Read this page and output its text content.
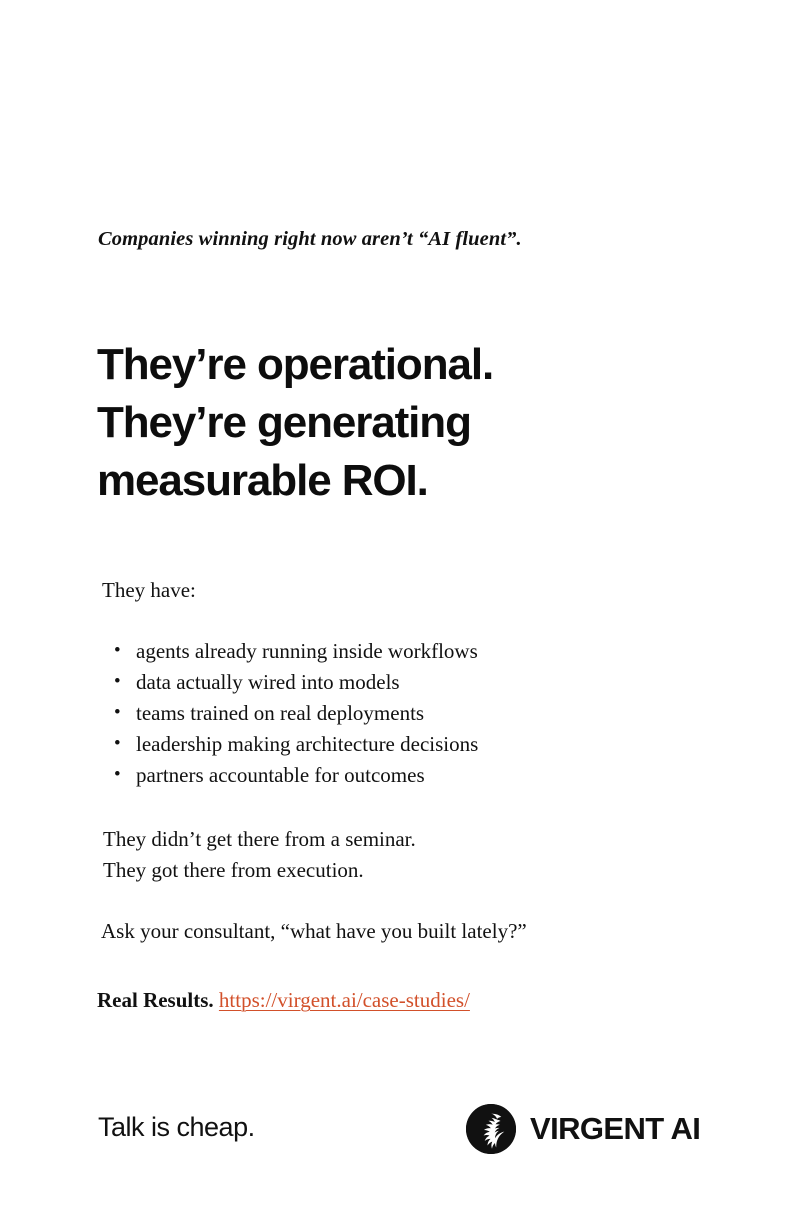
Companies winning right now aren’t “AI fluent”.
They’re operational.
They’re generating
measurable ROI.
They have:
• agents already running inside workflows
• data actually wired into models
• teams trained on real deployments
• leadership making architecture decisions
• partners accountable for outcomes
They didn’t get there from a seminar.
They got there from execution.
Ask your consultant, “what have you built lately?”
Real Results. https://virgent.ai/case-studies/
Talk is cheap.	VIRGENT AI
